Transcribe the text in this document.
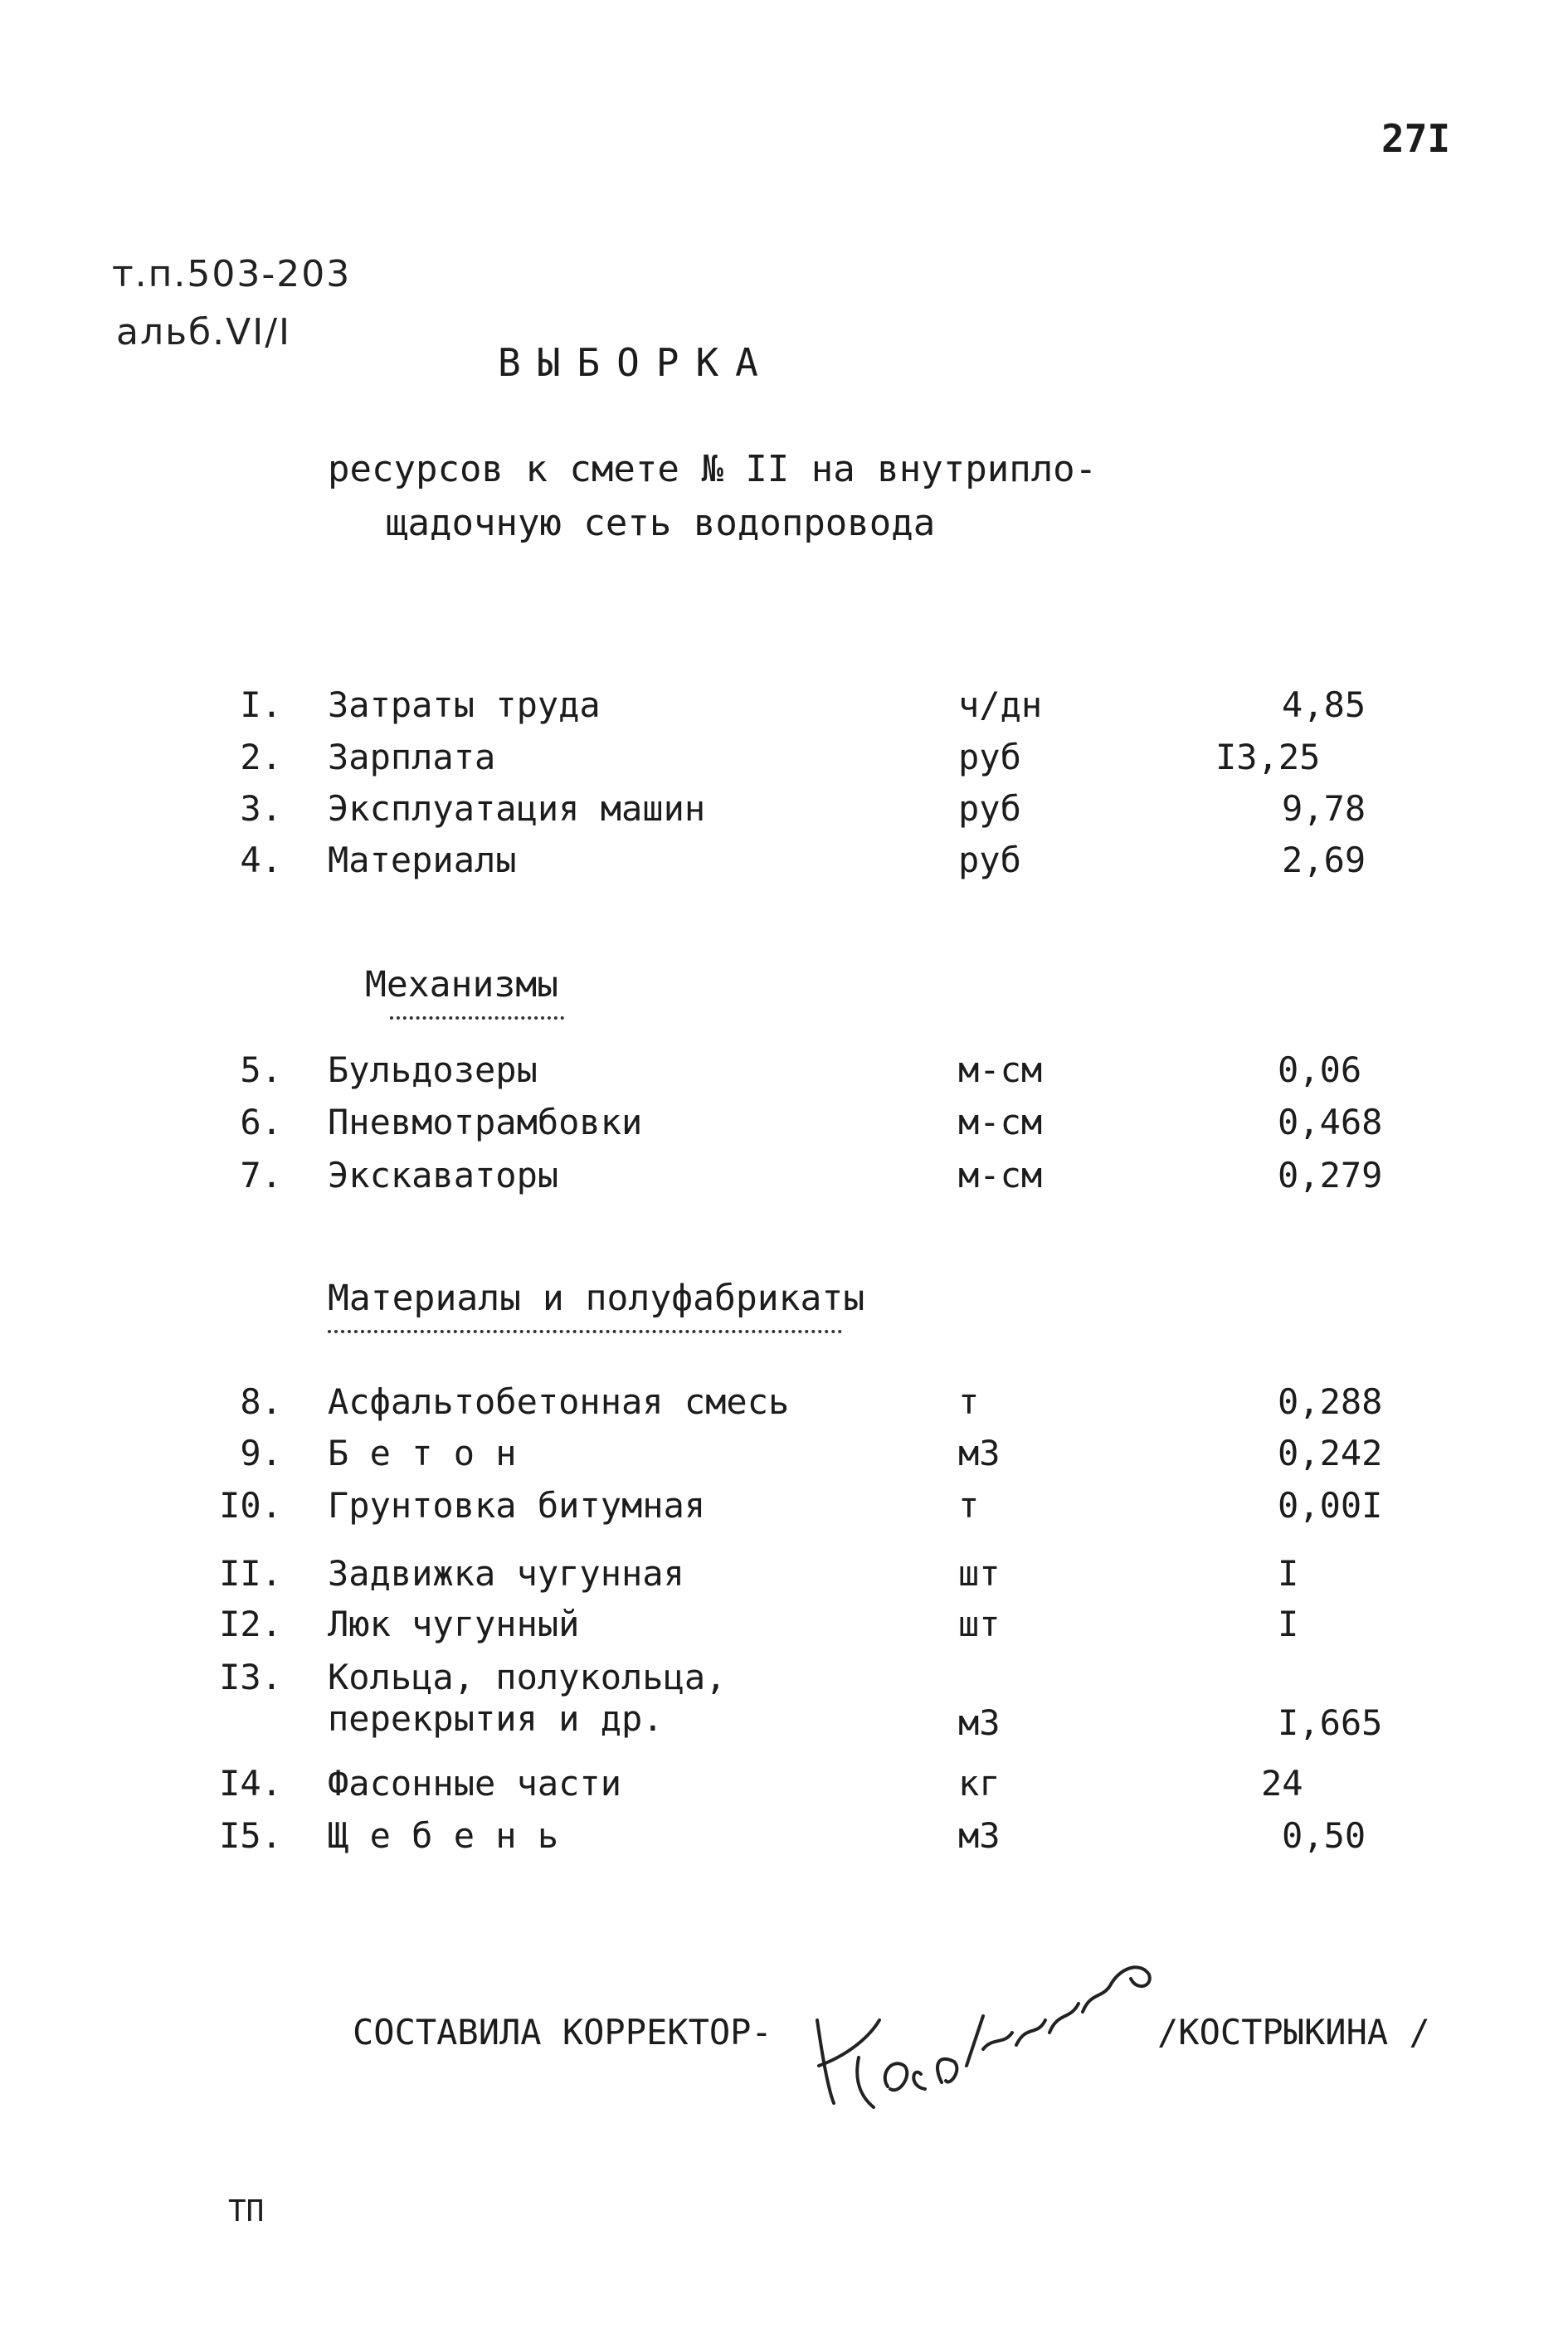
27I
т.п.503-203
альб.VI/I
ВЫБОРКА
ресурсов к смете № II на внутрипло-
щадочную сеть водопровода
I. Затраты труда	ч/дн	4,85
2. Зарплата	руб	I3,25
3. Эксплуатация машин	руб	9,78
4. Материалы	руб	2,69
Механизмы
5. Бульдозеры	м-см	0,06
6. Пневмотрамбовки	м-см	0,468
7. Экскаваторы	м-см	0,279
Материалы и полуфабрикаты
8. Асфальтобетонная смесь	т	0,288
9. Б е т о н	м3	0,242
I0. Грунтовка битумная	т	0,00I
II. Задвижка чугунная	шт	I
I2. Люк чугунный	шт	I
I3. Кольца, полукольца,
перекрытия и др.	м3	I,665
I4. Фасонные части	кг	24
I5. Щ е б е н ь	м3	0,50
СОСТАВИЛА КОРРЕКТОР-	/КОСТРЫКИНА /
ТП
